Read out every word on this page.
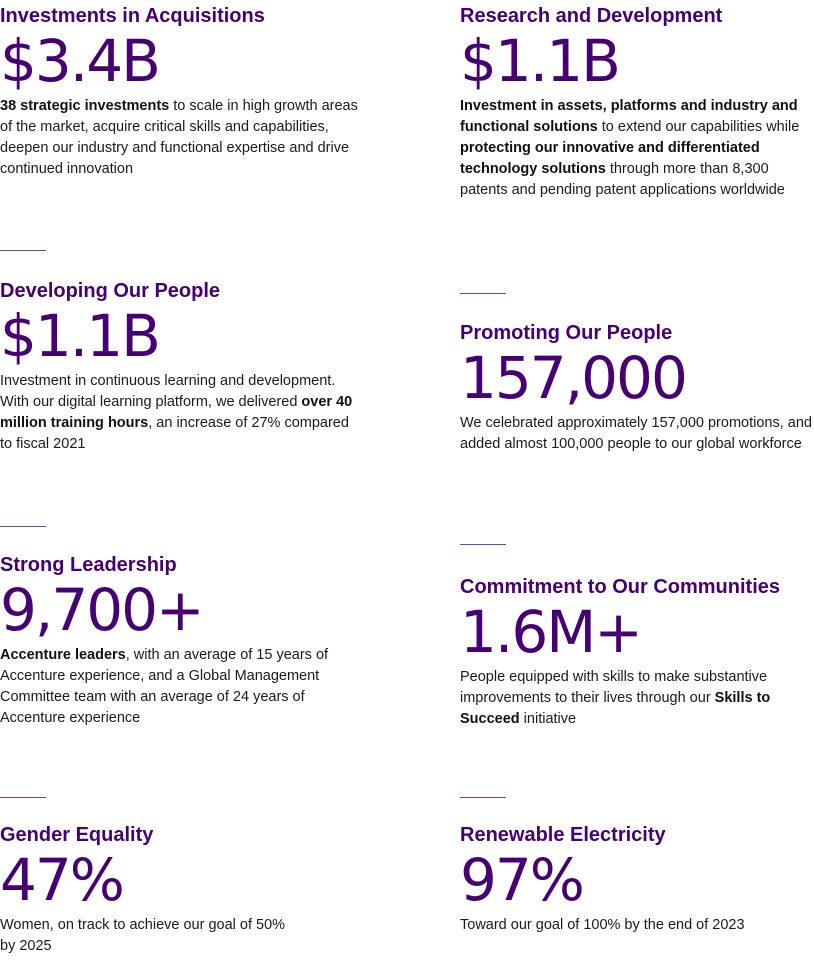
Investments in Acquisitions
$3.4B

38 strategic investments to scale in high growth areas of the market, acquire critical skills and capabilities, deepen our industry and functional expertise and drive continued innovation

Developing Our People
$1.1B

Investment in continuous learning and development. With our digital learning platform, we delivered over 40 million training hours, an increase of 27% compared to fiscal 2021

Strong Leadership
9,700+

Accenture leaders, with an average of 15 years of Accenture experience, and a Global Management Committee team with an average of 24 years of Accenture experience

Gender Equality
47%

Women, on track to achieve our goal of 50% by 2025

Research and Development
$1.1B

Investment in assets, platforms and industry and functional solutions to extend our capabilities while protecting our innovative and differentiated technology solutions through more than 8,300 patents and pending patent applications worldwide

Promoting Our People
157,000

We celebrated approximately 157,000 promotions, and added almost 100,000 people to our global workforce

Commitment to Our Communities
1.6M+

People equipped with skills to make substantive improvements to their lives through our Skills to Succeed initiative

Renewable Electricity
97%

Toward our goal of 100% by the end of 2023
